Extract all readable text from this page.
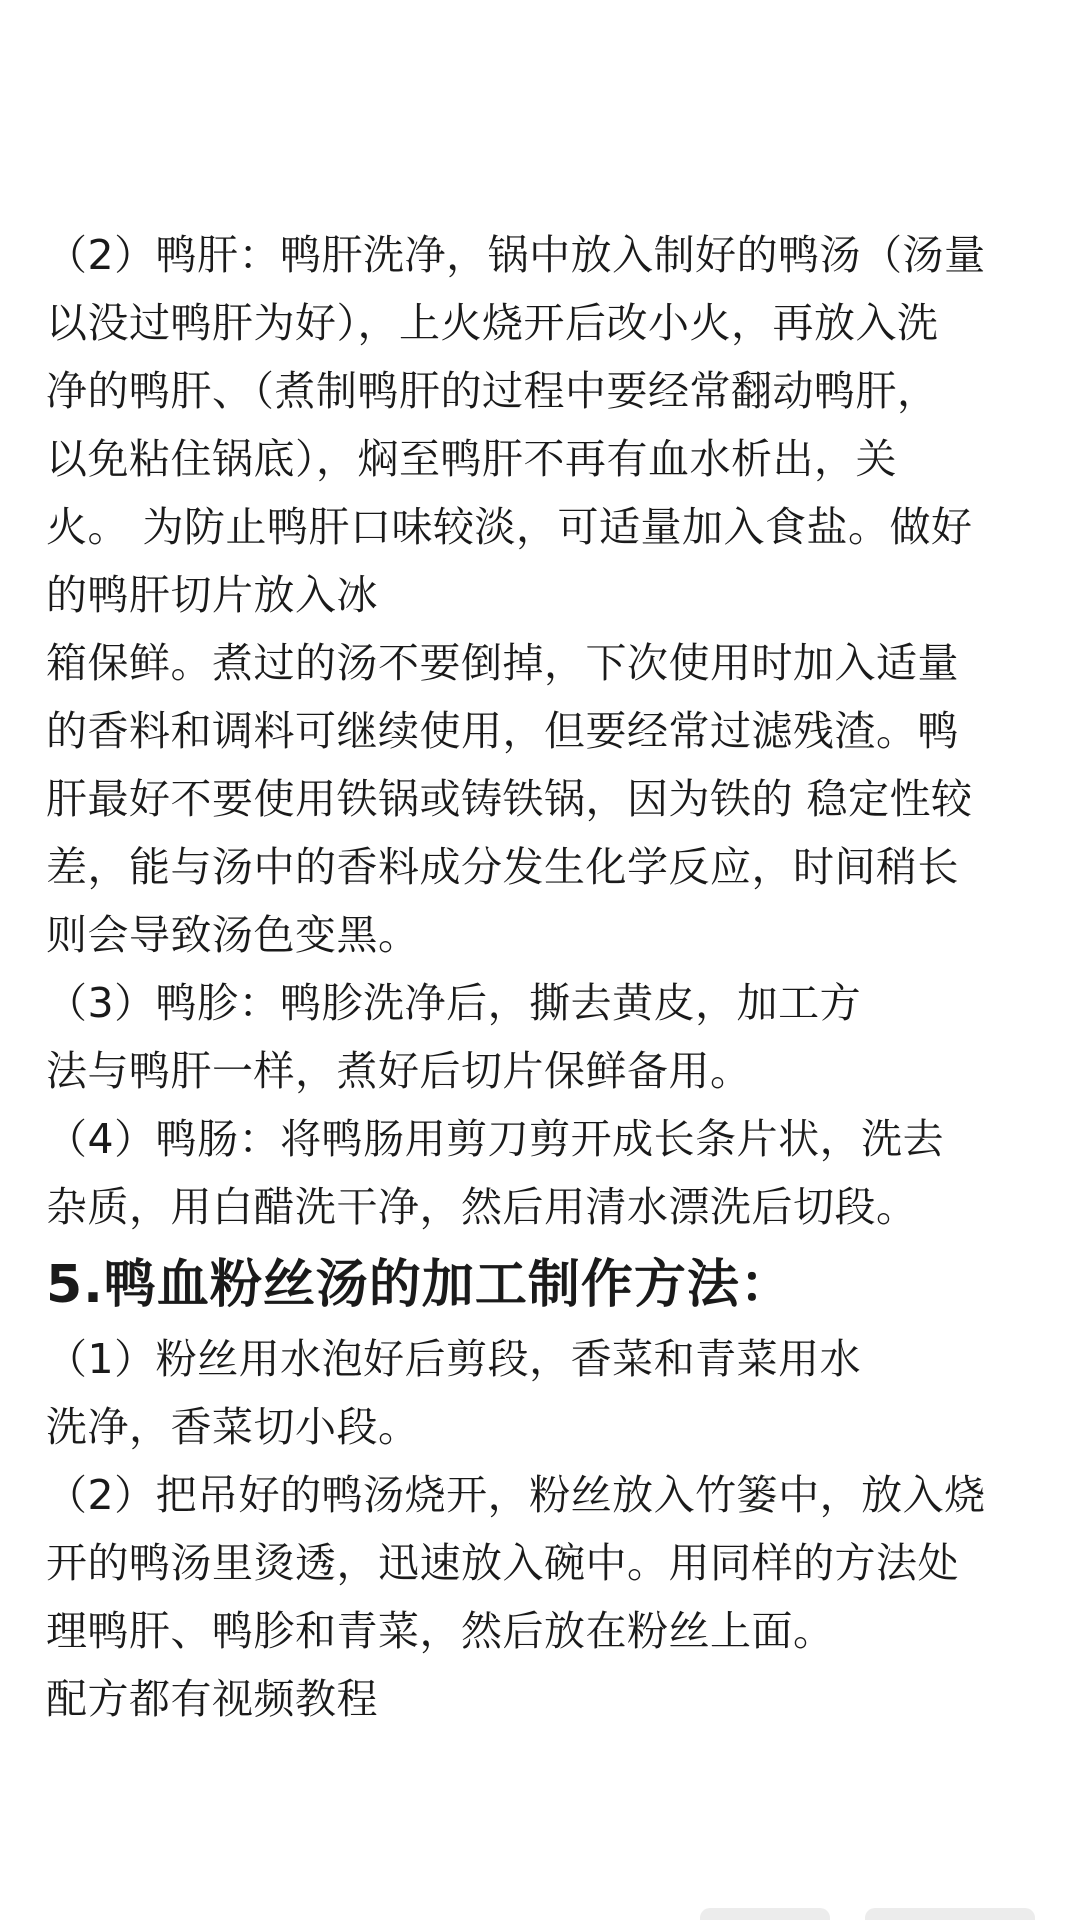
（2）鸭肝：鸭肝洗净，锅中放入制好的鸭汤（汤量
以没过鸭肝为好），上火烧开后改小火，再放入洗
净的鸭肝、（煮制鸭肝的过程中要经常翻动鸭肝，
以免粘住锅底），焖至鸭肝不再有血水析出，关
火。 为防止鸭肝口味较淡，可适量加入食盐。做好
的鸭肝切片放入冰
箱保鲜。煮过的汤不要倒掉，下次使用时加入适量
的香料和调料可继续使用，但要经常过滤残渣。鸭
肝最好不要使用铁锅或铸铁锅，因为铁的 稳定性较
差，能与汤中的香料成分发生化学反应，时间稍长
则会导致汤色变黑。
（3）鸭胗：鸭胗洗净后，撕去黄皮，加工方
法与鸭肝一样，煮好后切片保鲜备用。
（4）鸭肠：将鸭肠用剪刀剪开成长条片状，洗去
杂质，用白醋洗干净，然后用清水漂洗后切段。
5.鸭血粉丝汤的加工制作方法：
（1）粉丝用水泡好后剪段，香菜和青菜用水
洗净，香菜切小段。
（2）把吊好的鸭汤烧开，粉丝放入竹篓中，放入烧
开的鸭汤里烫透，迅速放入碗中。用同样的方法处
理鸭肝、鸭胗和青菜，然后放在粉丝上面。
配方都有视频教程
